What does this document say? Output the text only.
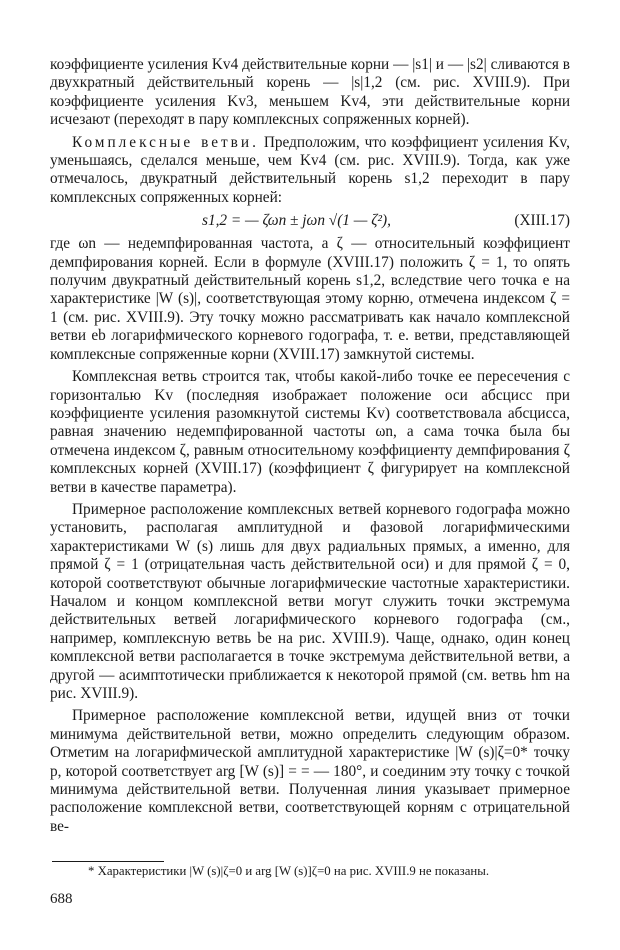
коэффициенте усиления Kv4 действительные корни — |s1| и — |s2| сливаются в двухкратный действительный корень — |s|1,2 (см. рис. XVIII.9). При коэффициенте усиления Kv3, меньшем Kv4, эти действительные корни исчезают (переходят в пару комплексных сопряженных корней).

Комплексные ветви. Предположим, что коэффициент усиления Kv, уменьшаясь, сделался меньше, чем Kv4 (см. рис. XVIII.9). Тогда, как уже отмечалось, двукратный действительный корень s1,2 переходит в пару комплексных сопряженных корней:

s1,2 = — ζωn ± jωn √(1 — ζ²),	(XIII.17)

где ωn — недемпфированная частота, а ζ — относительный коэффициент демпфирования корней. Если в формуле (XVIII.17) положить ζ = 1, то опять получим двукратный действительный корень s1,2, вследствие чего точка e на характеристике |W (s)|, соответствующая этому корню, отмечена индексом ζ = 1 (см. рис. XVIII.9). Эту точку можно рассматривать как начало комплексной ветви eb логарифмического корневого годографа, т. е. ветви, представляющей комплексные сопряженные корни (XVIII.17) замкнутой системы.

Комплексная ветвь строится так, чтобы какой-либо точке ее пересечения с горизонталью Kv (последняя изображает положение оси абсцисс при коэффициенте усиления разомкнутой системы Kv) соответствовала абсцисса, равная значению недемпфированной частоты ωn, а сама точка была бы отмечена индексом ζ, равным относительному коэффициенту демпфирования ζ комплексных корней (XVIII.17) (коэффициент ζ фигурирует на комплексной ветви в качестве параметра).

Примерное расположение комплексных ветвей корневого годографа можно установить, располагая амплитудной и фазовой логарифмическими характеристиками W (s) лишь для двух радиальных прямых, а именно, для прямой ζ = 1 (отрицательная часть действительной оси) и для прямой ζ = 0, которой соответствуют обычные логарифмические частотные характеристики. Началом и концом комплексной ветви могут служить точки экстремума действительных ветвей логарифмического корневого годографа (см., например, комплексную ветвь be на рис. XVIII.9). Чаще, однако, один конец комплексной ветви располагается в точке экстремума действительной ветви, а другой — асимптотически приближается к некоторой прямой (см. ветвь hm на рис. XVIII.9).

Примерное расположение комплексной ветви, идущей вниз от точки минимума действительной ветви, можно определить следующим образом. Отметим на логарифмической амплитудной характеристике |W (s)|ζ=0* точку p, которой соответствует arg [W (s)] = = — 180°, и соединим эту точку с точкой минимума действительной ветви. Полученная линия указывает примерное расположение комплексной ветви, соответствующей корням с отрицательной ве-

* Характеристики |W (s)|ζ=0 и arg [W (s)]ζ=0 на рис. XVIII.9 не показаны.
688
